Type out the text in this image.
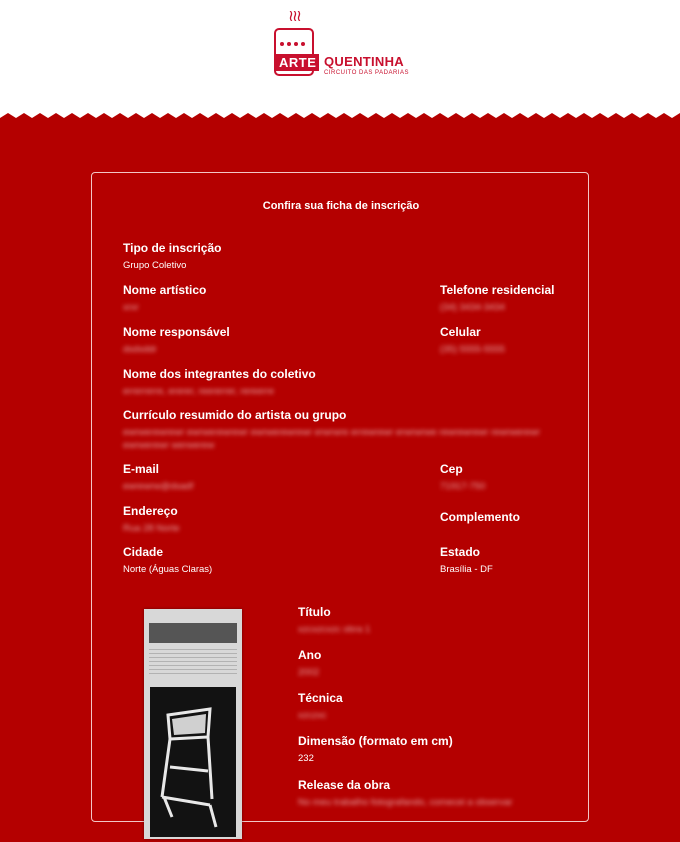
≀≀≀
ARTE QUENTINHA
CIRCUITO DAS PADARIAS
Confira sua ficha de inscrição
Tipo de inscrição
Grupo Coletivo
Nome artístico
xrxr
Telefone residencial
(34) 3434-3434
Nome responsável
dsdsddr
Celular
(35) 5555-5555
Nome dos integrantes do coletivo
errerrerre, ererer, reererrer, rereerre
Currículo resumido do artista ou grupo
ewrwerewrewr ewrwerewrewr ewrwerewrewr erwrwre errewrewr erwrwrwe rewrewrewr rewrwerewr ewrwerewr werwerew
E-mail
ewrewrw@dsadf
Cep
71917-750
Endereço
Rua 28 Norte
Complemento
Cidade
Norte (Águas Claras)
Estado
Brasília - DF
Título
xzcxzcxzc obra 1
Ano
2002
Técnica
xzczxc
Dimensão (formato em cm)
232
Release da obra
No meu trabalho fotografando, comecei a observar
